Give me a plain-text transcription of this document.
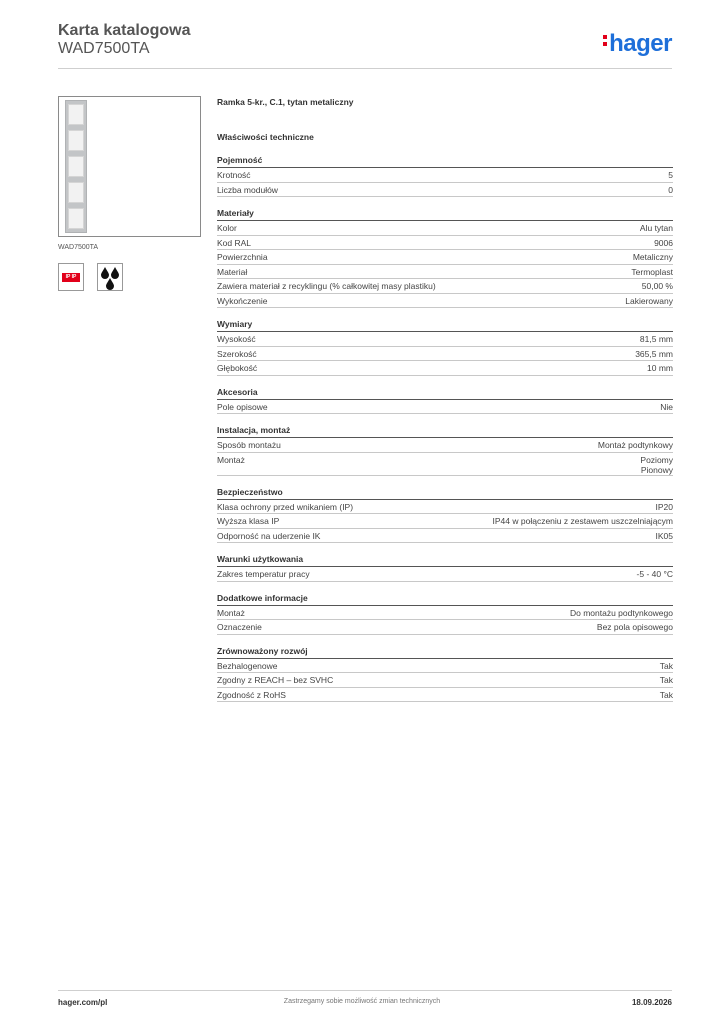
Karta katalogowa
WAD7500TA	hager
WAD7500TA
IP IP
Ramka 5-kr., C.1, tytan metaliczny
Właściwości techniczne
Pojemność
Krotność	5
Liczba modułów	0
Materiały
Kolor	Alu tytan
Kod RAL	9006
Powierzchnia	Metaliczny
Materiał	Termoplast
Zawiera materiał z recyklingu (% całkowitej masy plastiku)	50,00 %
Wykończenie	Lakierowany
Wymiary
Wysokość	81,5 mm
Szerokość	365,5 mm
Głębokość	10 mm
Akcesoria
Pole opisowe	Nie
Instalacja, montaż
Sposób montażu	Montaż podtynkowy
Montaż	Poziomy
Pionowy
Bezpieczeństwo
Klasa ochrony przed wnikaniem (IP)	IP20
Wyższa klasa IP	IP44 w połączeniu z zestawem uszczelniającym
Odporność na uderzenie IK	IK05
Warunki użytkowania
Zakres temperatur pracy	-5 - 40 °C
Dodatkowe informacje
Montaż	Do montażu podtynkowego
Oznaczenie	Bez pola opisowego
Zrównoważony rozwój
Bezhalogenowe	Tak
Zgodny z REACH – bez SVHC	Tak
Zgodność z RoHS	Tak
hager.com/pl	Zastrzegamy sobie możliwość zmian technicznych	18.09.2026
